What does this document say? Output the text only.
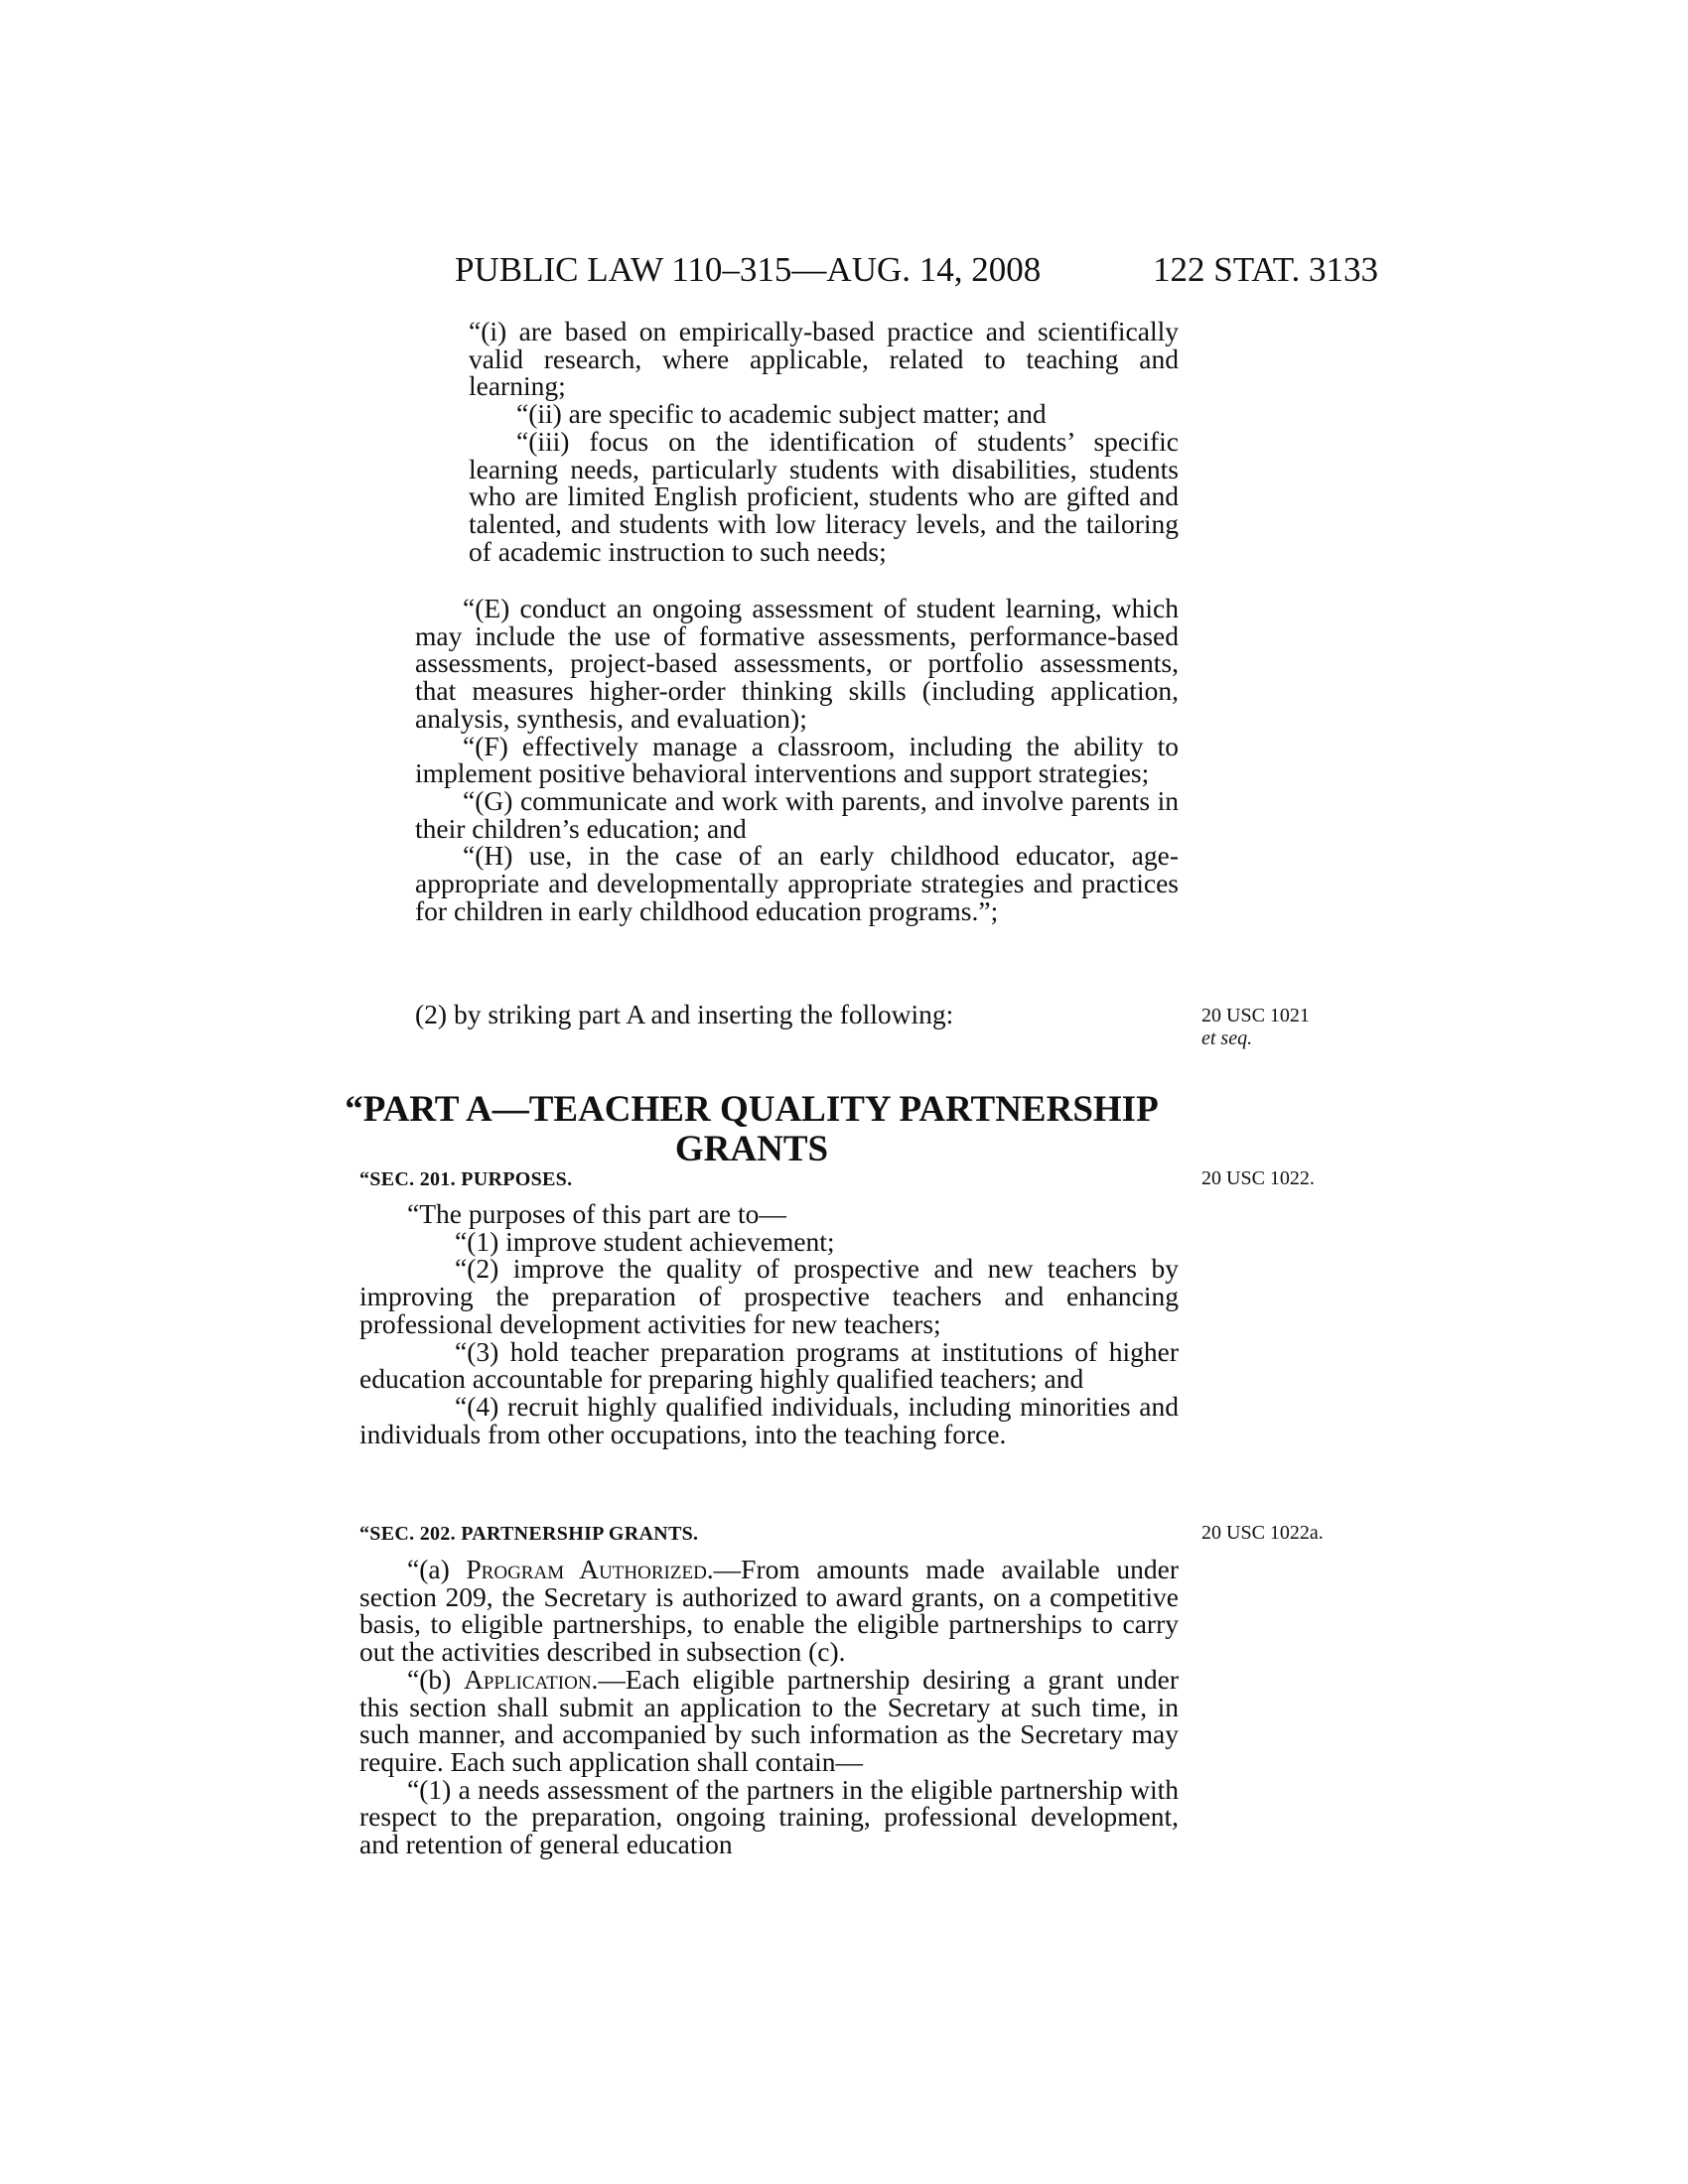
PUBLIC LAW 110–315—AUG. 14, 2008	122 STAT. 3133

“(i) are based on empirically-based practice and scientifically valid research, where applicable, related to teaching and learning;

“(ii) are specific to academic subject matter; and

“(iii) focus on the identification of students’ specific learning needs, particularly students with disabilities, students who are limited English proficient, students who are gifted and talented, and students with low literacy levels, and the tailoring of academic instruction to such needs;

“(E) conduct an ongoing assessment of student learning, which may include the use of formative assessments, performance-based assessments, project-based assessments, or portfolio assessments, that measures higher-order thinking skills (including application, analysis, synthesis, and evaluation);

“(F) effectively manage a classroom, including the ability to implement positive behavioral interventions and support strategies;

“(G) communicate and work with parents, and involve parents in their children’s education; and

“(H) use, in the case of an early childhood educator, age-appropriate and developmentally appropriate strategies and practices for children in early childhood education programs.”;

(2) by striking part A and inserting the following:

“PART A—TEACHER QUALITY PARTNERSHIP
GRANTS
“SEC. 201. PURPOSES.

“The purposes of this part are to—

“(1) improve student achievement;

“(2) improve the quality of prospective and new teachers by improving the preparation of prospective teachers and enhancing professional development activities for new teachers;

“(3) hold teacher preparation programs at institutions of higher education accountable for preparing highly qualified teachers; and

“(4) recruit highly qualified individuals, including minorities and individuals from other occupations, into the teaching force.

“SEC. 202. PARTNERSHIP GRANTS.

“(a) Program Authorized.—From amounts made available under section 209, the Secretary is authorized to award grants, on a competitive basis, to eligible partnerships, to enable the eligible partnerships to carry out the activities described in subsection (c).

“(b) Application.—Each eligible partnership desiring a grant under this section shall submit an application to the Secretary at such time, in such manner, and accompanied by such information as the Secretary may require. Each such application shall contain—

“(1) a needs assessment of the partners in the eligible partnership with respect to the preparation, ongoing training, professional development, and retention of general education

20 USC 1021
et seq.
20 USC 1022.
20 USC 1022a.
